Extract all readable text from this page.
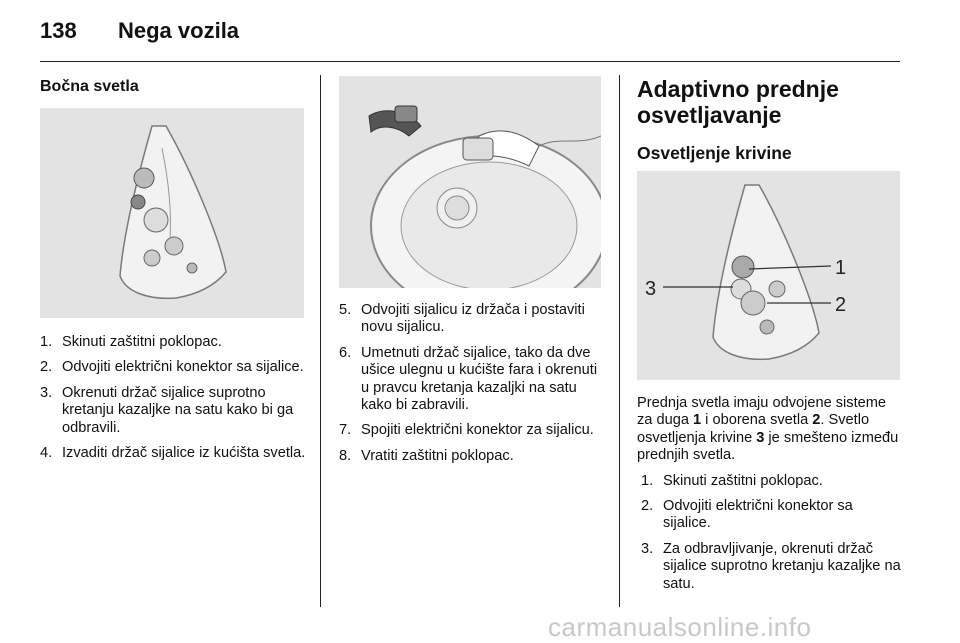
138 Nega vozila
Bočna svetla
1. Skinuti zaštitni poklopac.
2. Odvojiti električni konektor sa sijalice.
3. Okrenuti držač sijalice suprotno kretanju kazaljke na satu kako bi ga odbravili.
4. Izvaditi držač sijalice iz kućišta svetla.
5. Odvojiti sijalicu iz držača i postaviti novu sijalicu.
6. Umetnuti držač sijalice, tako da dve ušice ulegnu u kućište fara i okrenuti u pravcu kretanja kazaljki na satu kako bi zabravili.
7. Spojiti električni konektor za sijalicu.
8. Vratiti zaštitni poklopac.
Adaptivno prednje osvetljavanje
Osvetljenje krivine
1
2
3
Prednja svetla imaju odvojene sisteme za duga 1 i oborena svetla 2. Svetlo osvetljenja krivine 3 je smešteno između prednjih svetla.
1. Skinuti zaštitni poklopac.
2. Odvojiti električni konektor sa sijalice.
3. Za odbravljivanje, okrenuti držač sijalice suprotno kretanju kazaljke na satu.
carmanualsonline.info
